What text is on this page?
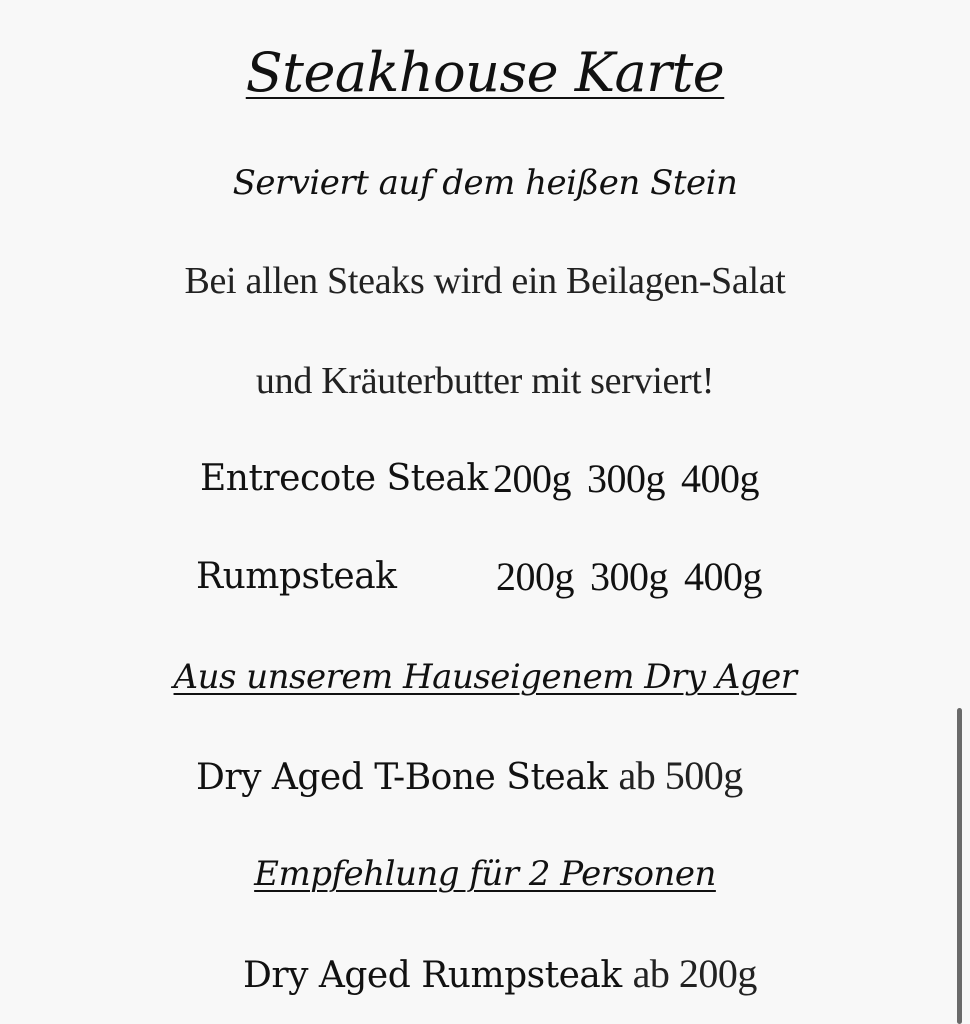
Steakhouse Karte
Serviert auf dem heißen Stein
Bei allen Steaks wird ein Beilagen-Salat
und Kräuterbutter mit serviert!
Entrecote Steak 200g 300g 400g
Rumpsteak 200g 300g 400g
Aus unserem Hauseigenem Dry Ager
Dry Aged T-Bone Steak ab 500g
Empfehlung für 2 Personen
Dry Aged Rumpsteak ab 200g
